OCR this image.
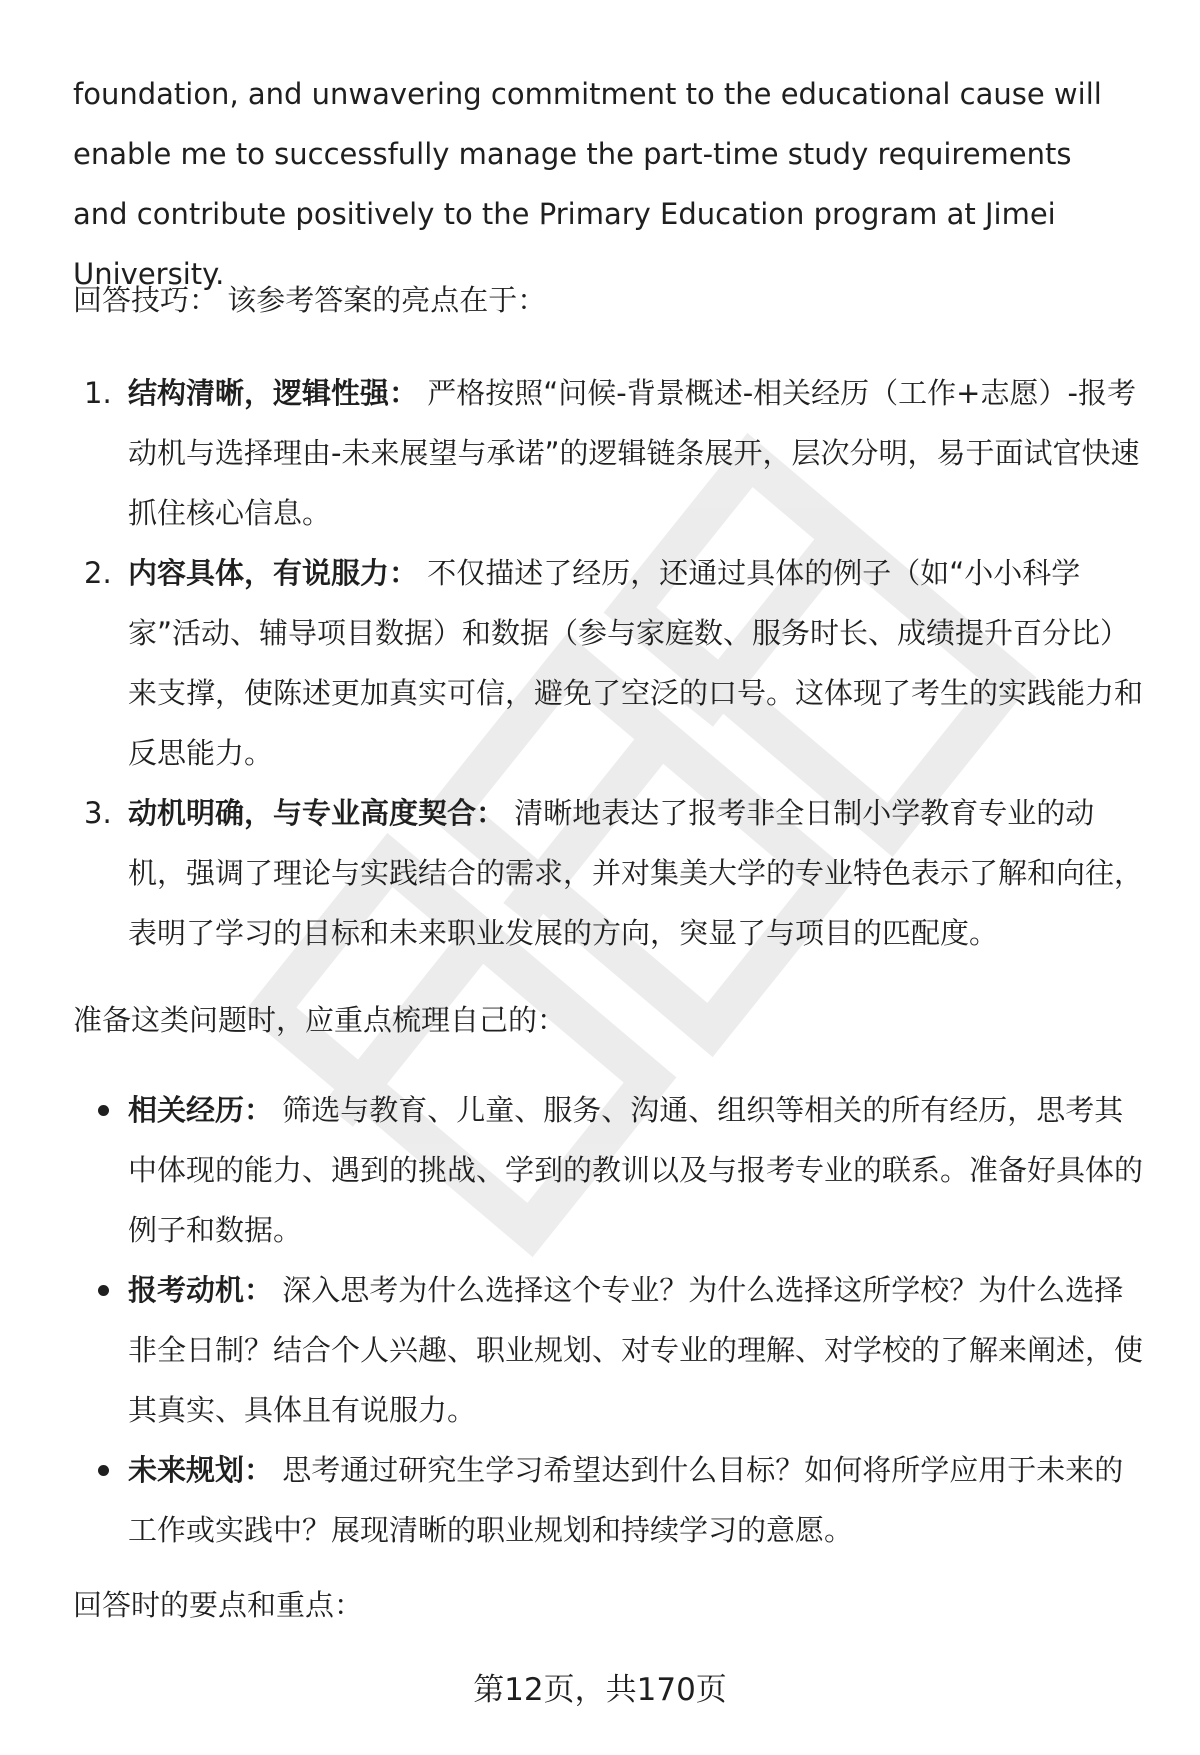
foundation, and unwavering commitment to the educational cause will enable me to successfully manage the part-time study requirements and contribute positively to the Primary Education program at Jimei University.

回答技巧： 该参考答案的亮点在于：

1. 结构清晰，逻辑性强： 严格按照“问候-背景概述-相关经历（工作+志愿）-报考动机与选择理由-未来展望与承诺”的逻辑链条展开，层次分明，易于面试官快速抓住核心信息。
2. 内容具体，有说服力： 不仅描述了经历，还通过具体的例子（如“小小科学家”活动、辅导项目数据）和数据（参与家庭数、服务时长、成绩提升百分比）来支撑，使陈述更加真实可信，避免了空泛的口号。这体现了考生的实践能力和反思能力。
3. 动机明确，与专业高度契合： 清晰地表达了报考非全日制小学教育专业的动机，强调了理论与实践结合的需求，并对集美大学的专业特色表示了解和向往，表明了学习的目标和未来职业发展的方向，突显了与项目的匹配度。

准备这类问题时，应重点梳理自己的：

相关经历： 筛选与教育、儿童、服务、沟通、组织等相关的所有经历，思考其中体现的能力、遇到的挑战、学到的教训以及与报考专业的联系。准备好具体的例子和数据。
报考动机： 深入思考为什么选择这个专业？为什么选择这所学校？为什么选择非全日制？结合个人兴趣、职业规划、对专业的理解、对学校的了解来阐述，使其真实、具体且有说服力。
未来规划： 思考通过研究生学习希望达到什么目标？如何将所学应用于未来的工作或实践中？展现清晰的职业规划和持续学习的意愿。

回答时的要点和重点：

第12页，共170页
